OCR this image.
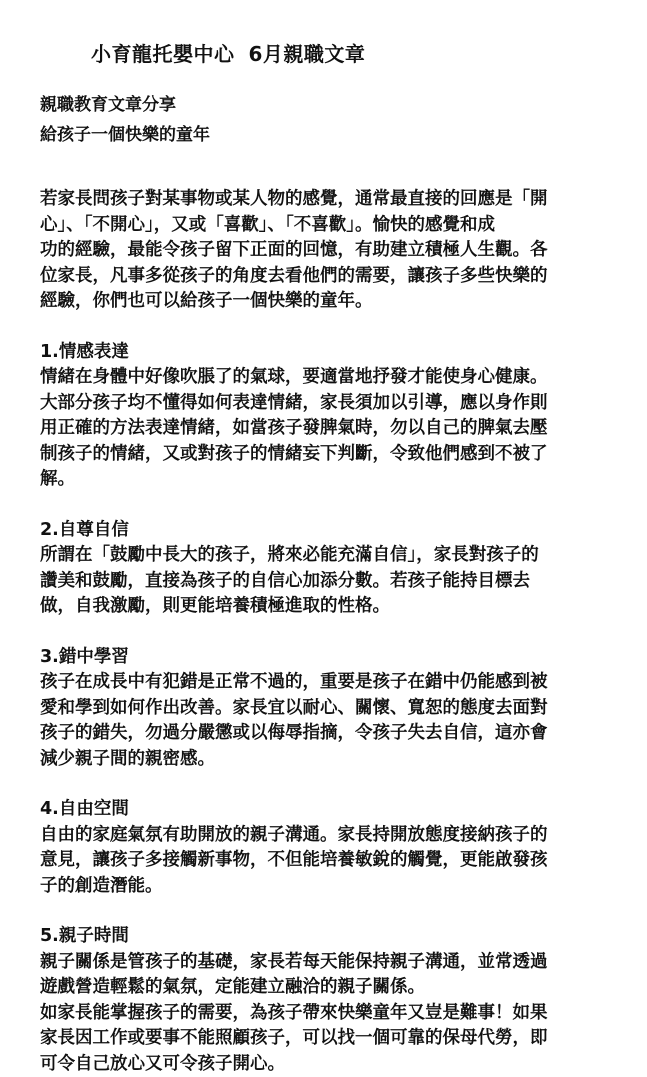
小育龍托嬰中心 6月親職文章
親職教育文章分享
給孩子一個快樂的童年

若家長問孩子對某事物或某人物的感覺，通常最直接的回應是「開
心」、「不開心」，又或「喜歡」、「不喜歡」。愉快的感覺和成
功的經驗，最能令孩子留下正面的回憶，有助建立積極人生觀。各
位家長，凡事多從孩子的角度去看他們的需要，讓孩子多些快樂的
經驗，你們也可以給孩子一個快樂的童年。

1.情感表達

情緒在身體中好像吹脹了的氣球，要適當地抒發才能使身心健康。
大部分孩子均不懂得如何表達情緒，家長須加以引導，應以身作則
用正確的方法表達情緒，如當孩子發脾氣時，勿以自己的脾氣去壓
制孩子的情緒，又或對孩子的情緒妄下判斷，令致他們感到不被了
解。

2.自尊自信

所謂在「鼓勵中長大的孩子，將來必能充滿自信」，家長對孩子的
讚美和鼓勵，直接為孩子的自信心加添分數。若孩子能持目標去
做，自我激勵，則更能培養積極進取的性格。

3.錯中學習

孩子在成長中有犯錯是正常不過的，重要是孩子在錯中仍能感到被
愛和學到如何作出改善。家長宜以耐心、關懷、寬恕的態度去面對
孩子的錯失，勿過分嚴懲或以侮辱指摘，令孩子失去自信，這亦會
減少親子間的親密感。

4.自由空間

自由的家庭氣氛有助開放的親子溝通。家長持開放態度接納孩子的
意見，讓孩子多接觸新事物，不但能培養敏銳的觸覺，更能啟發孩
子的創造潛能。

5.親子時間

親子關係是管孩子的基礎，家長若每天能保持親子溝通，並常透過
遊戲營造輕鬆的氣氛，定能建立融洽的親子關係。
如家長能掌握孩子的需要，為孩子帶來快樂童年又豈是難事！如果
家長因工作或要事不能照顧孩子，可以找一個可靠的保母代勞，即
可令自己放心又可令孩子開心。
